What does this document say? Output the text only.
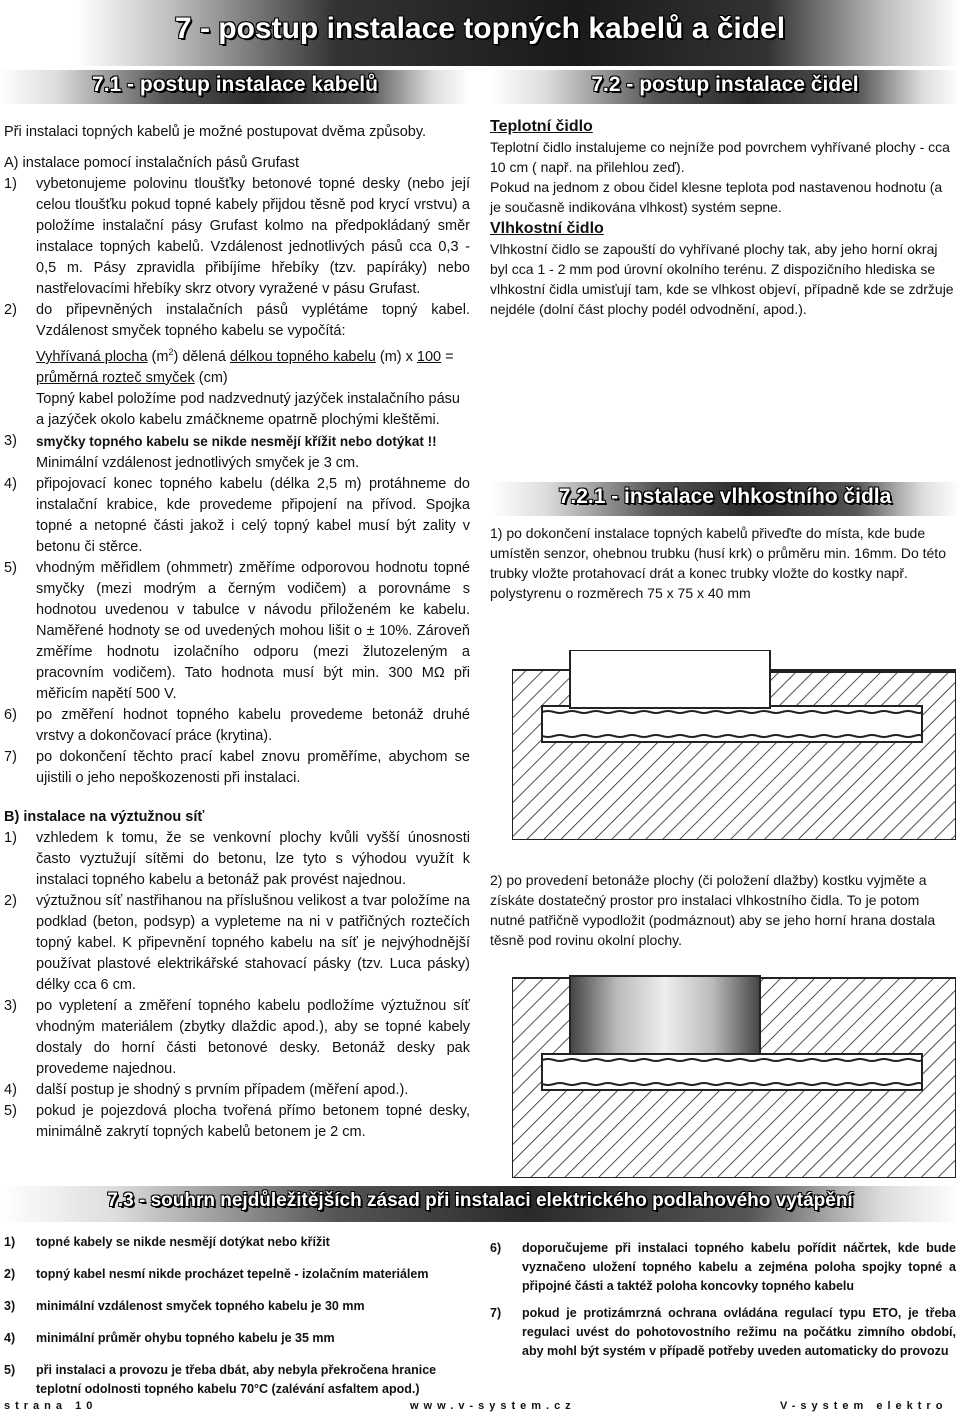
7 - postup instalace topných kabelů a čidel
7.1 - postup instalace kabelů	7.2 - postup instalace čidel
Při instalaci topných kabelů je možné postupovat dvěma způsoby.
A) instalace pomocí instalačních pásů Grufast
1) vybetonujeme polovinu tloušťky betonové topné desky (nebo její celou tloušťku pokud topné kabely přijdou těsně pod krycí vrstvu) a položíme instalační pásy Grufast kolmo na předpokládaný směr instalace topných kabelů. Vzdálenost jednotlivých pásů cca 0,3 - 0,5 m. Pásy zpravidla přibíjíme hřebíky (tzv. papíráky) nebo nastřelovacími hřebíky skrz otvory vyražené v pásu Grufast.
2) do připevněných instalačních pásů vyplétáme topný kabel. Vzdálenost smyček topného kabelu se vypočítá:
Vyhřívaná plocha $(m^2)$ dělená délkou topného kabelu (m) x 100 = průměrná rozteč smyček (cm)
Topný kabel položíme pod nadzvednutý jazýček instalačního pásu a jazýček okolo kabelu zmáčkneme opatrně plochými kleštěmi.
3) smyčky topného kabelu se nikde nesmějí křížit nebo dotýkat !!
Minimální vzdálenost jednotlivých smyček je 3 cm.
4) připojovací konec topného kabelu (délka 2,5 m) protáhneme do instalační krabice, kde provedeme připojení na přívod. Spojka topné a netopné části jakož i celý topný kabel musí být zality v betonu či stěrce.
5) vhodným měřidlem (ohmmetr) změříme odporovou hodnotu topné smyčky (mezi modrým a černým vodičem) a porovnáme s hodnotou uvedenou v tabulce v návodu přiloženém ke kabelu. Naměřené hodnoty se od uvedených mohou lišit o ± 10%. Zároveň změříme hodnotu izolačního odporu (mezi žlutozeleným a pracovním vodičem). Tato hodnota musí být min. 300 MΩ při měřicím napětí 500 V.
6) po změření hodnot topného kabelu provedeme betonáž druhé vrstvy a dokončovací práce (krytina).
7) po dokončení těchto prací kabel znovu proměříme, abychom se ujistili o jeho nepoškozenosti při instalaci.
B) instalace na výztužnou síť
1) vzhledem k tomu, že se venkovní plochy kvůli vyšší únosnosti často vyztužují sítěmi do betonu, lze tyto s výhodou využít k instalaci topného kabelu a betonáž pak provést najednou.
2) výztužnou síť nastřihanou na příslušnou velikost a tvar položíme na podklad (beton, podsyp) a vypleteme na ni v patřičných roztečích topný kabel. K připevnění topného kabelu na síť je nejvýhodnější používat plastové elektrikářské stahovací pásky (tzv. Luca pásky) délky cca 6 cm.
3) po vypletení a změření topného kabelu podložíme výztužnou síť vhodným materiálem (zbytky dlaždic apod.), aby se topné kabely dostaly do horní části betonové desky. Betonáž desky pak provedeme najednou.
4) další postup je shodný s prvním případem (měření apod.).
5) pokud je pojezdová plocha tvořená přímo betonem topné desky, minimálně zakrytí topných kabelů betonem je 2 cm.
Teplotní čidlo
Teplotní čidlo instalujeme co nejníže pod povrchem vyhřívané plochy - cca 10 cm ( např. na přilehlou zeď).
Pokud na jednom z obou čidel klesne teplota pod nastavenou hodnotu (a je současně indikována vlhkost) systém sepne.
Vlhkostní čidlo
Vlhkostní čidlo se zapouští do vyhřívané plochy tak, aby jeho horní okraj byl cca 1 - 2 mm pod úrovní okolního terénu. Z dispozičního hlediska se vlhkostní čidla umisťují tam, kde se vlhkost objeví, případně kde se zdržuje nejdéle (dolní část plochy podél odvodnění, apod.).
7.2.1 - instalace vlhkostního čidla
1) po dokončení instalace topných kabelů přiveďte do místa, kde bude umístěn senzor, ohebnou trubku (husí krk) o průměru min. 16mm. Do této trubky vložte protahovací drát a konec trubky vložte do kostky např. polystyrenu o rozměrech 75 x 75 x 40 mm
2) po provedení betonáže plochy (či položení dlažby) kostku vyjměte a získáte dostatečný prostor pro instalaci vlhkostního čidla. To je potom nutné patřičně vypodložit (podmáznout) aby se jeho horní hrana dostala těsně pod rovinu okolní plochy.
7.3 - souhrn nejdůležitějších zásad při instalaci elektrického podlahového vytápění
1) topné kabely se nikde nesmějí dotýkat nebo křížit
2) topný kabel nesmí nikde procházet tepelně - izolačním materiálem
3) minimální vzdálenost smyček topného kabelu je 30 mm
4) minimální průměr ohybu topného kabelu je 35 mm
5) při instalaci a provozu je třeba dbát, aby nebyla překročena hranice teplotní odolnosti topného kabelu 70°C (zalévání asfaltem apod.)
6) doporučujeme při instalaci topného kabelu pořídit náčrtek, kde bude vyznačeno uložení topného kabelu a zejména poloha spojky topné a připojné části a taktéž poloha koncovky topného kabelu
7) pokud je protizámrzná ochrana ovládána regulací typu ETO, je třeba regulaci uvést do pohotovostního režimu na počátku zimního období, aby mohl být systém v případě potřeby uveden automaticky do provozu
strana 10	www.v-system.cz	V-system elektro
